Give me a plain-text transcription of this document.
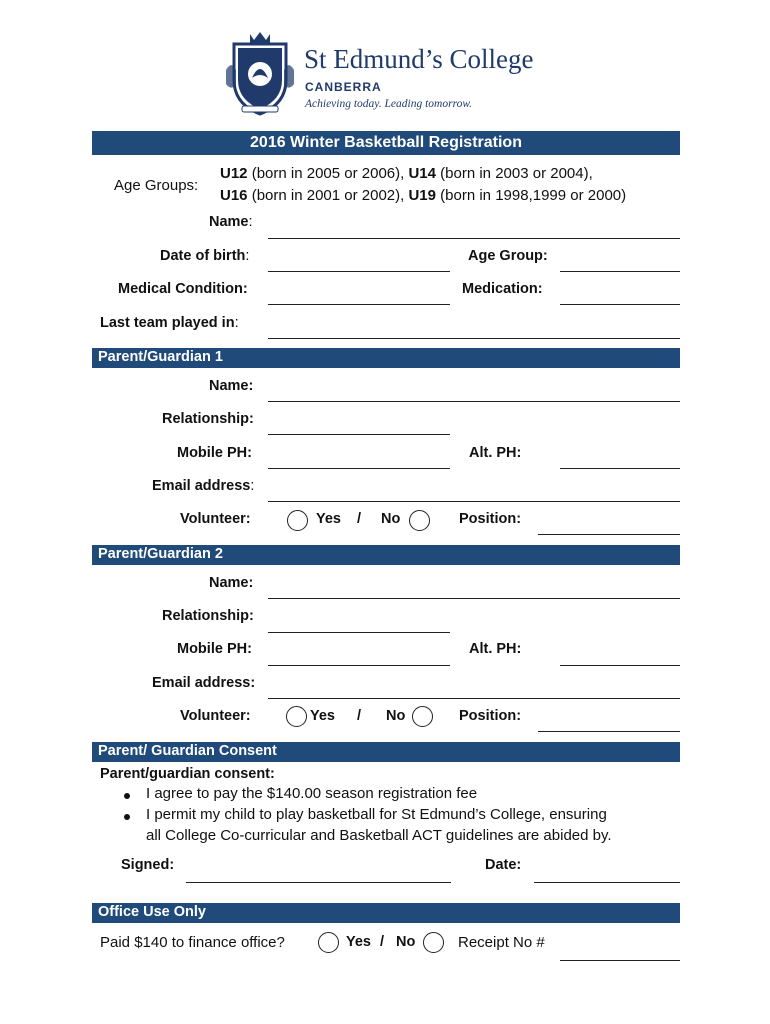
St Edmund’s College
CANBERRA
Achieving today. Leading tomorrow.
2016 Winter Basketball Registration
Age Groups:
U12 (born in 2005 or 2006), U14 (born in 2003 or 2004),
U16 (born in 2001 or 2002), U19 (born in 1998,1999 or 2000)
Name:
Date of birth:	Age Group:
Medical Condition:	Medication:
Last team played in:
Parent/Guardian 1
Name:
Relationship:
Mobile PH:	Alt. PH:
Email address:
Volunteer:	Yes / No	Position:
Parent/Guardian 2
Name:
Relationship:
Mobile PH:	Alt. PH:
Email address:
Volunteer:	Yes / No	Position:
Parent/ Guardian Consent
Parent/guardian consent:
I agree to pay the $140.00 season registration fee
I permit my child to play basketball for St Edmund’s College, ensuring
all College Co-curricular and Basketball ACT guidelines are abided by.
Signed:	Date:
Office Use Only
Paid $140 to finance office?	Yes / No	Receipt No #
